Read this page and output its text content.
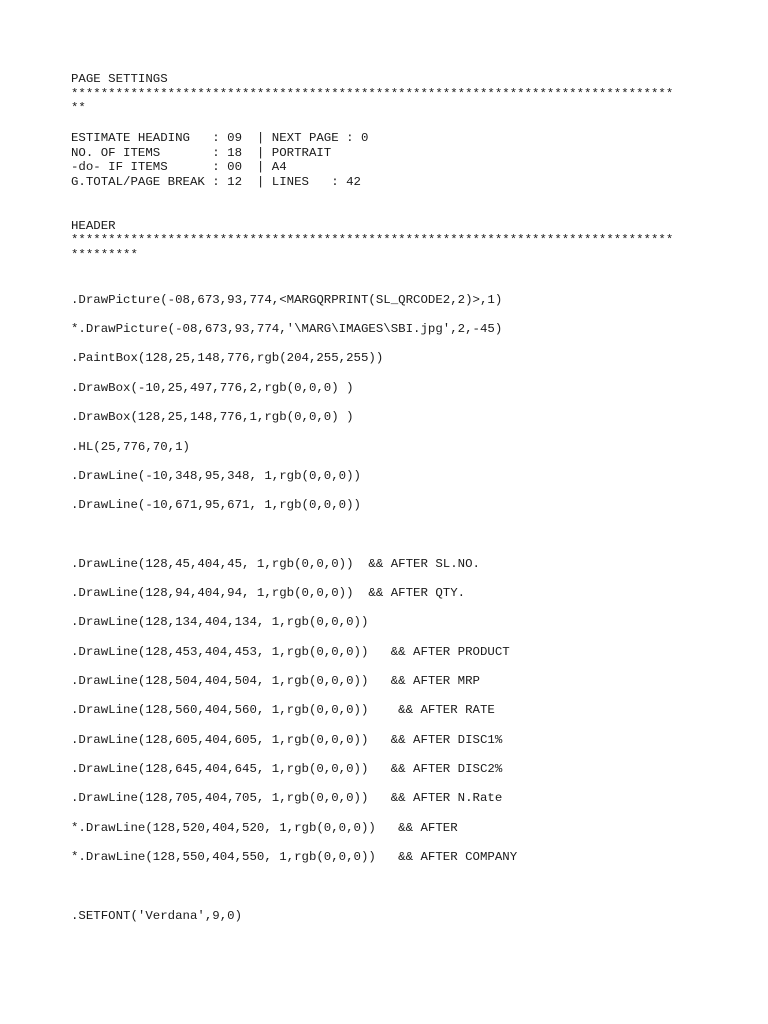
PAGE SETTINGS

*********************************************************************************

**

ESTIMATE HEADING   : 09  | NEXT PAGE : 0

NO. OF ITEMS       : 18  | PORTRAIT

-do- IF ITEMS      : 00  | A4

G.TOTAL/PAGE BREAK : 12  | LINES   : 42

HEADER

*********************************************************************************

*********

.DrawPicture(-08,673,93,774,<MARGQRPRINT(SL_QRCODE2,2)>,1)

*.DrawPicture(-08,673,93,774,'\MARG\IMAGES\SBI.jpg',2,-45)

.PaintBox(128,25,148,776,rgb(204,255,255))

.DrawBox(-10,25,497,776,2,rgb(0,0,0) )

.DrawBox(128,25,148,776,1,rgb(0,0,0) )

.HL(25,776,70,1)

.DrawLine(-10,348,95,348, 1,rgb(0,0,0))

.DrawLine(-10,671,95,671, 1,rgb(0,0,0))

.DrawLine(128,45,404,45, 1,rgb(0,0,0))  && AFTER SL.NO.

.DrawLine(128,94,404,94, 1,rgb(0,0,0))  && AFTER QTY.

.DrawLine(128,134,404,134, 1,rgb(0,0,0))

.DrawLine(128,453,404,453, 1,rgb(0,0,0))   && AFTER PRODUCT

.DrawLine(128,504,404,504, 1,rgb(0,0,0))   && AFTER MRP

.DrawLine(128,560,404,560, 1,rgb(0,0,0))    && AFTER RATE

.DrawLine(128,605,404,605, 1,rgb(0,0,0))   && AFTER DISC1%

.DrawLine(128,645,404,645, 1,rgb(0,0,0))   && AFTER DISC2%

.DrawLine(128,705,404,705, 1,rgb(0,0,0))   && AFTER N.Rate

*.DrawLine(128,520,404,520, 1,rgb(0,0,0))   && AFTER

*.DrawLine(128,550,404,550, 1,rgb(0,0,0))   && AFTER COMPANY

.SETFONT('Verdana',9,0)
